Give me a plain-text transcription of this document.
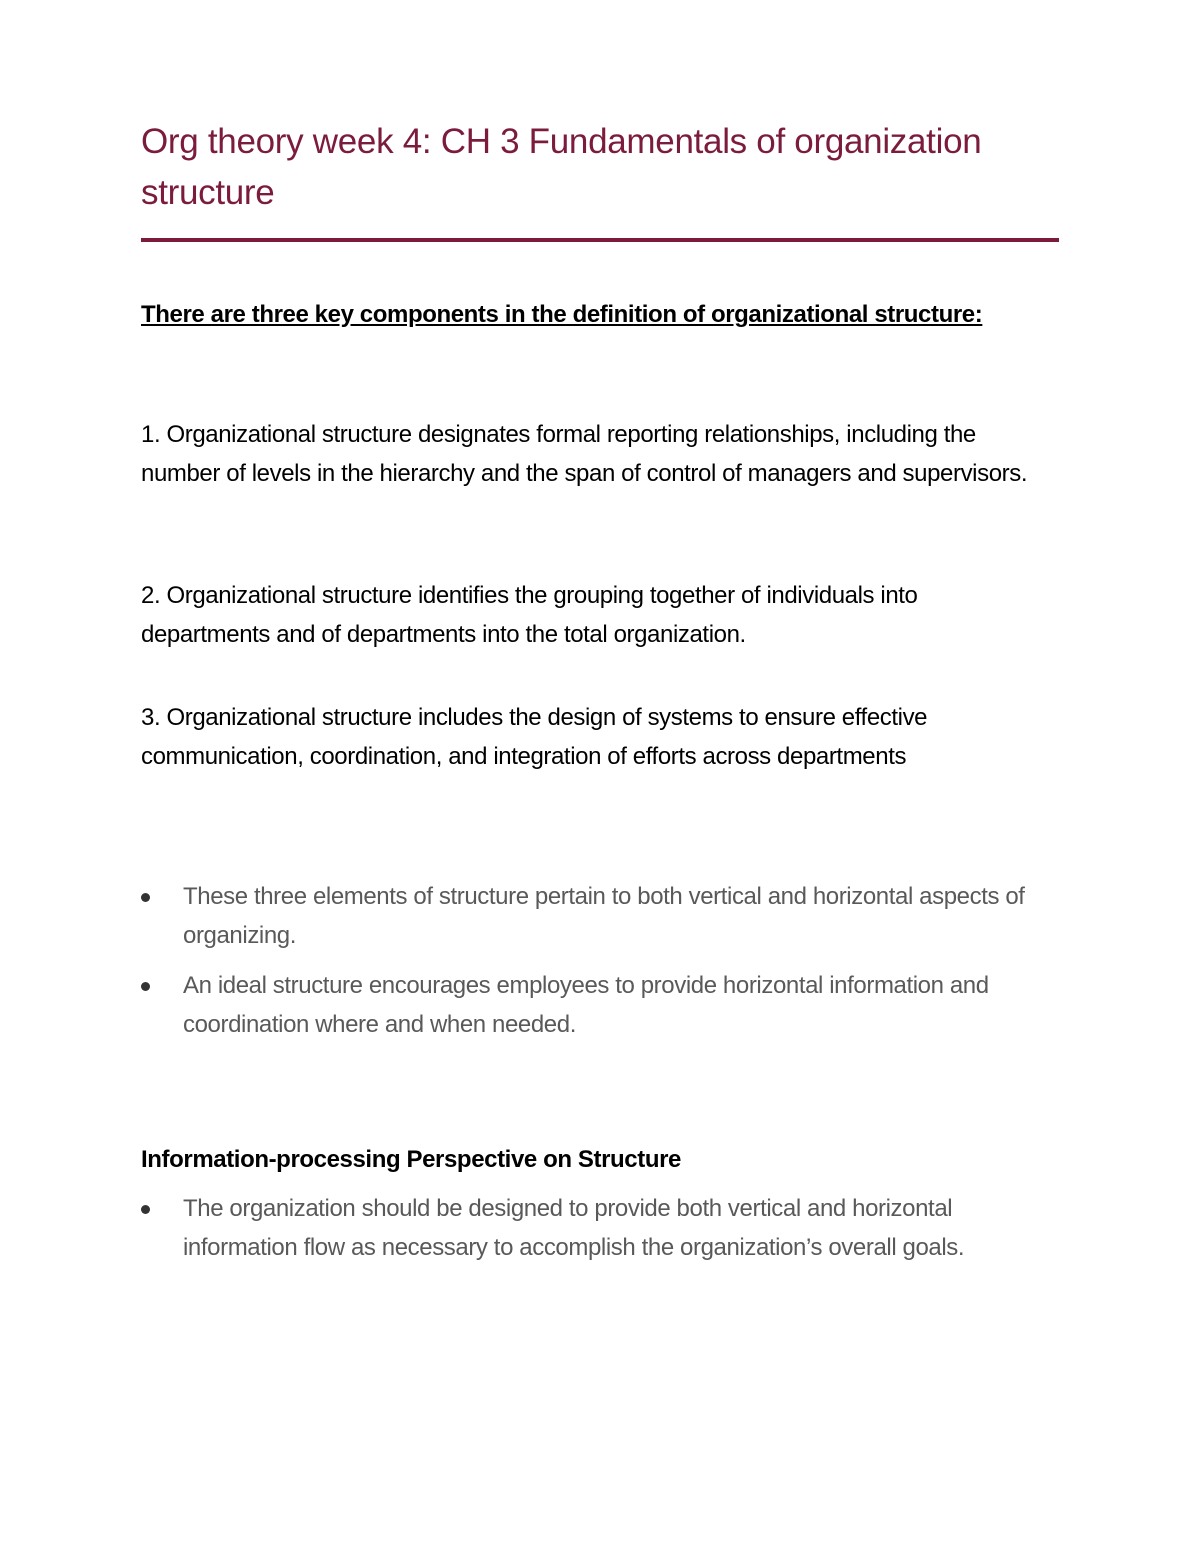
Org theory week 4: CH 3 Fundamentals of organization structure

There are three key components in the definition of organizational structure:

1. Organizational structure designates formal reporting relationships, including the number of levels in the hierarchy and the span of control of managers and supervisors.

2. Organizational structure identifies the grouping together of individuals into departments and of departments into the total organization.

3. Organizational structure includes the design of systems to ensure effective communication, coordination, and integration of efforts across departments

These three elements of structure pertain to both vertical and horizontal aspects of organizing.
An ideal structure encourages employees to provide horizontal information and coordination where and when needed.

Information-processing Perspective on Structure

The organization should be designed to provide both vertical and horizontal information flow as necessary to accomplish the organization’s overall goals.
